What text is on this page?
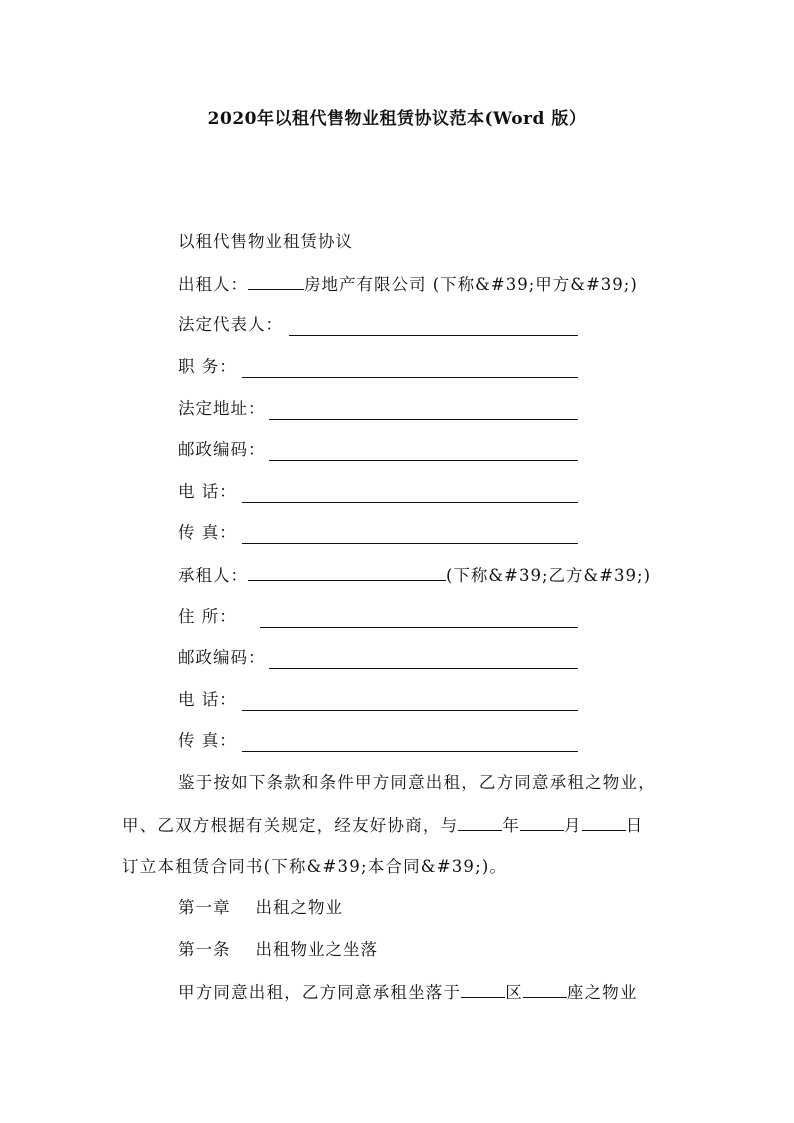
2020年以租代售物业租赁协议范本(Word 版）
以租代售物业租赁协议
出租人：	房地产有限公司 (下称&#39;甲方&#39;)
法定代表人：
职 务：
法定地址：
邮政编码：
电 话：
传 真：
承租人：	(下称&#39;乙方&#39;)
住 所：
邮政编码：
电 话：
传 真：
鉴于按如下条款和条件甲方同意出租，乙方同意承租之物业，
甲、乙双方根据有关规定，经友好协商，与	年	月	日
订立本租赁合同书(下称&#39;本合同&#39;)。
第一章    出租之物业
第一条    出租物业之坐落
甲方同意出租，乙方同意承租坐落于	区	座之物业
